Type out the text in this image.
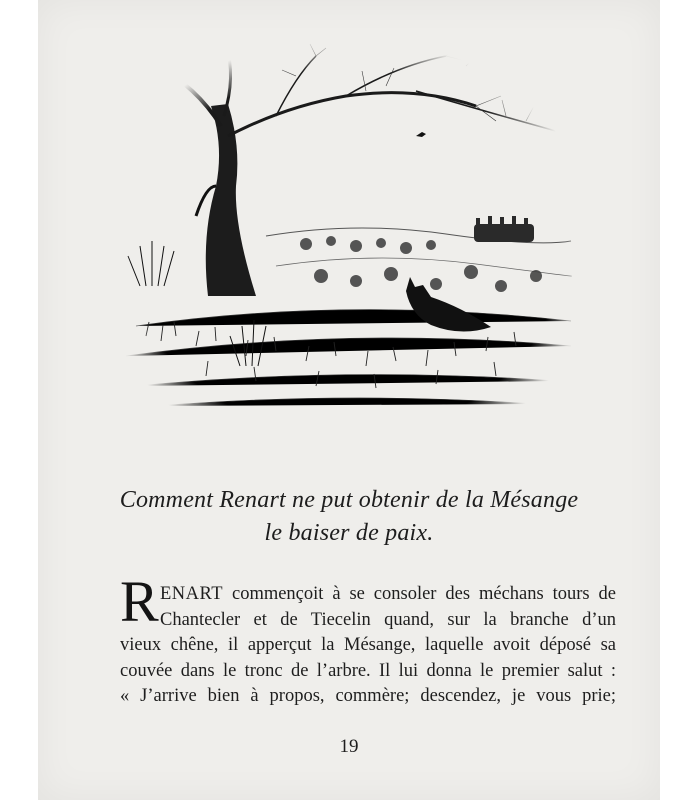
Comment Renart ne put obtenir de la Mésange
le baiser de paix.
R ENART commençoit à se consoler des méchans tours de
Chantecler et de Tiecelin quand, sur la branche d’un
vieux chêne, il apperçut la Mésange, laquelle avoit déposé sa
couvée dans le tronc de l’arbre. Il lui donna le premier salut :
« J’arrive bien à propos, commère; descendez, je vous prie;
19
